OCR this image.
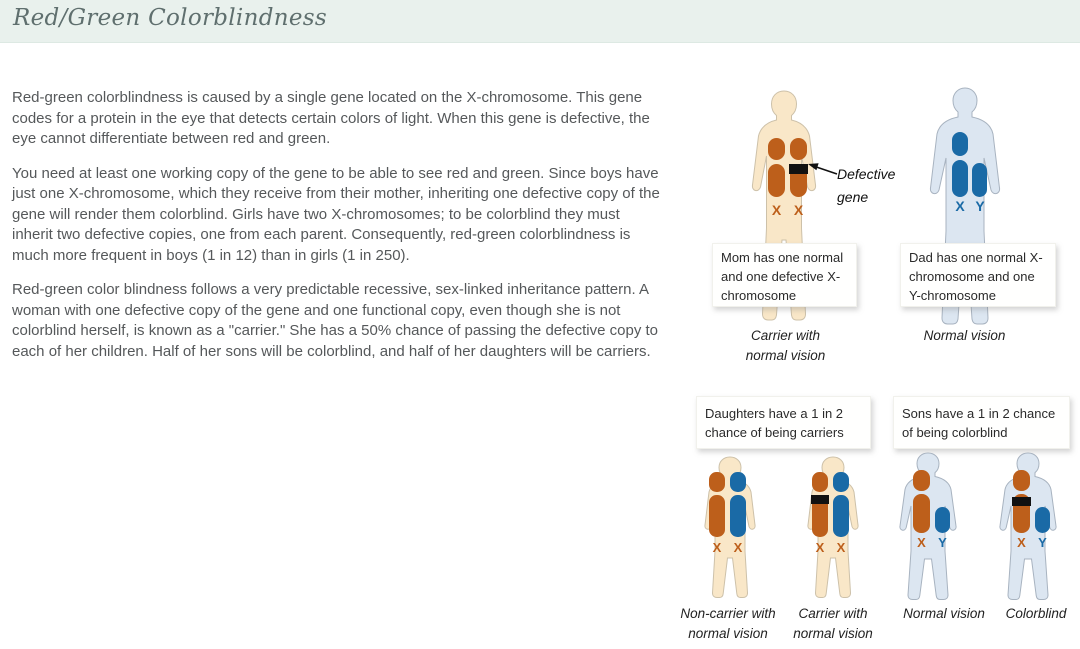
Red/Green Colorblindness

Red-green colorblindness is caused by a single gene located on the X-chromosome. This gene codes for a protein in the eye that detects certain colors of light. When this gene is defective, the eye cannot differentiate between red and green.

You need at least one working copy of the gene to be able to see red and green. Since boys have just one X-chromosome, which they receive from their mother, inheriting one defective copy of the gene will render them colorblind. Girls have two X-chromosomes; to be colorblind they must inherit two defective copies, one from each parent. Consequently, red-green colorblindness is much more frequent in boys (1 in 12) than in girls (1 in 250).

Red-green color blindness follows a very predictable recessive, sex-linked inheritance pattern. A woman with one defective copy of the gene and one functional copy, even though she is not colorblind herself, is known as a "carrier." She has a 50% chance of passing the defective copy to each of her children. Half of her sons will be colorblind, and half of her daughters will be carriers.

X X
Defective gene
X Y
Mom has one normal and one defective X-chromosome
Dad has one normal X-chromosome and one Y-chromosome
Carrier with normal vision
Normal vision
Daughters have a 1 in 2 chance of being carriers
Sons have a 1 in 2 chance of being colorblind
X X	X X	X Y	X Y
Non-carrier with normal vision
Carrier with normal vision
Normal vision	Colorblind
